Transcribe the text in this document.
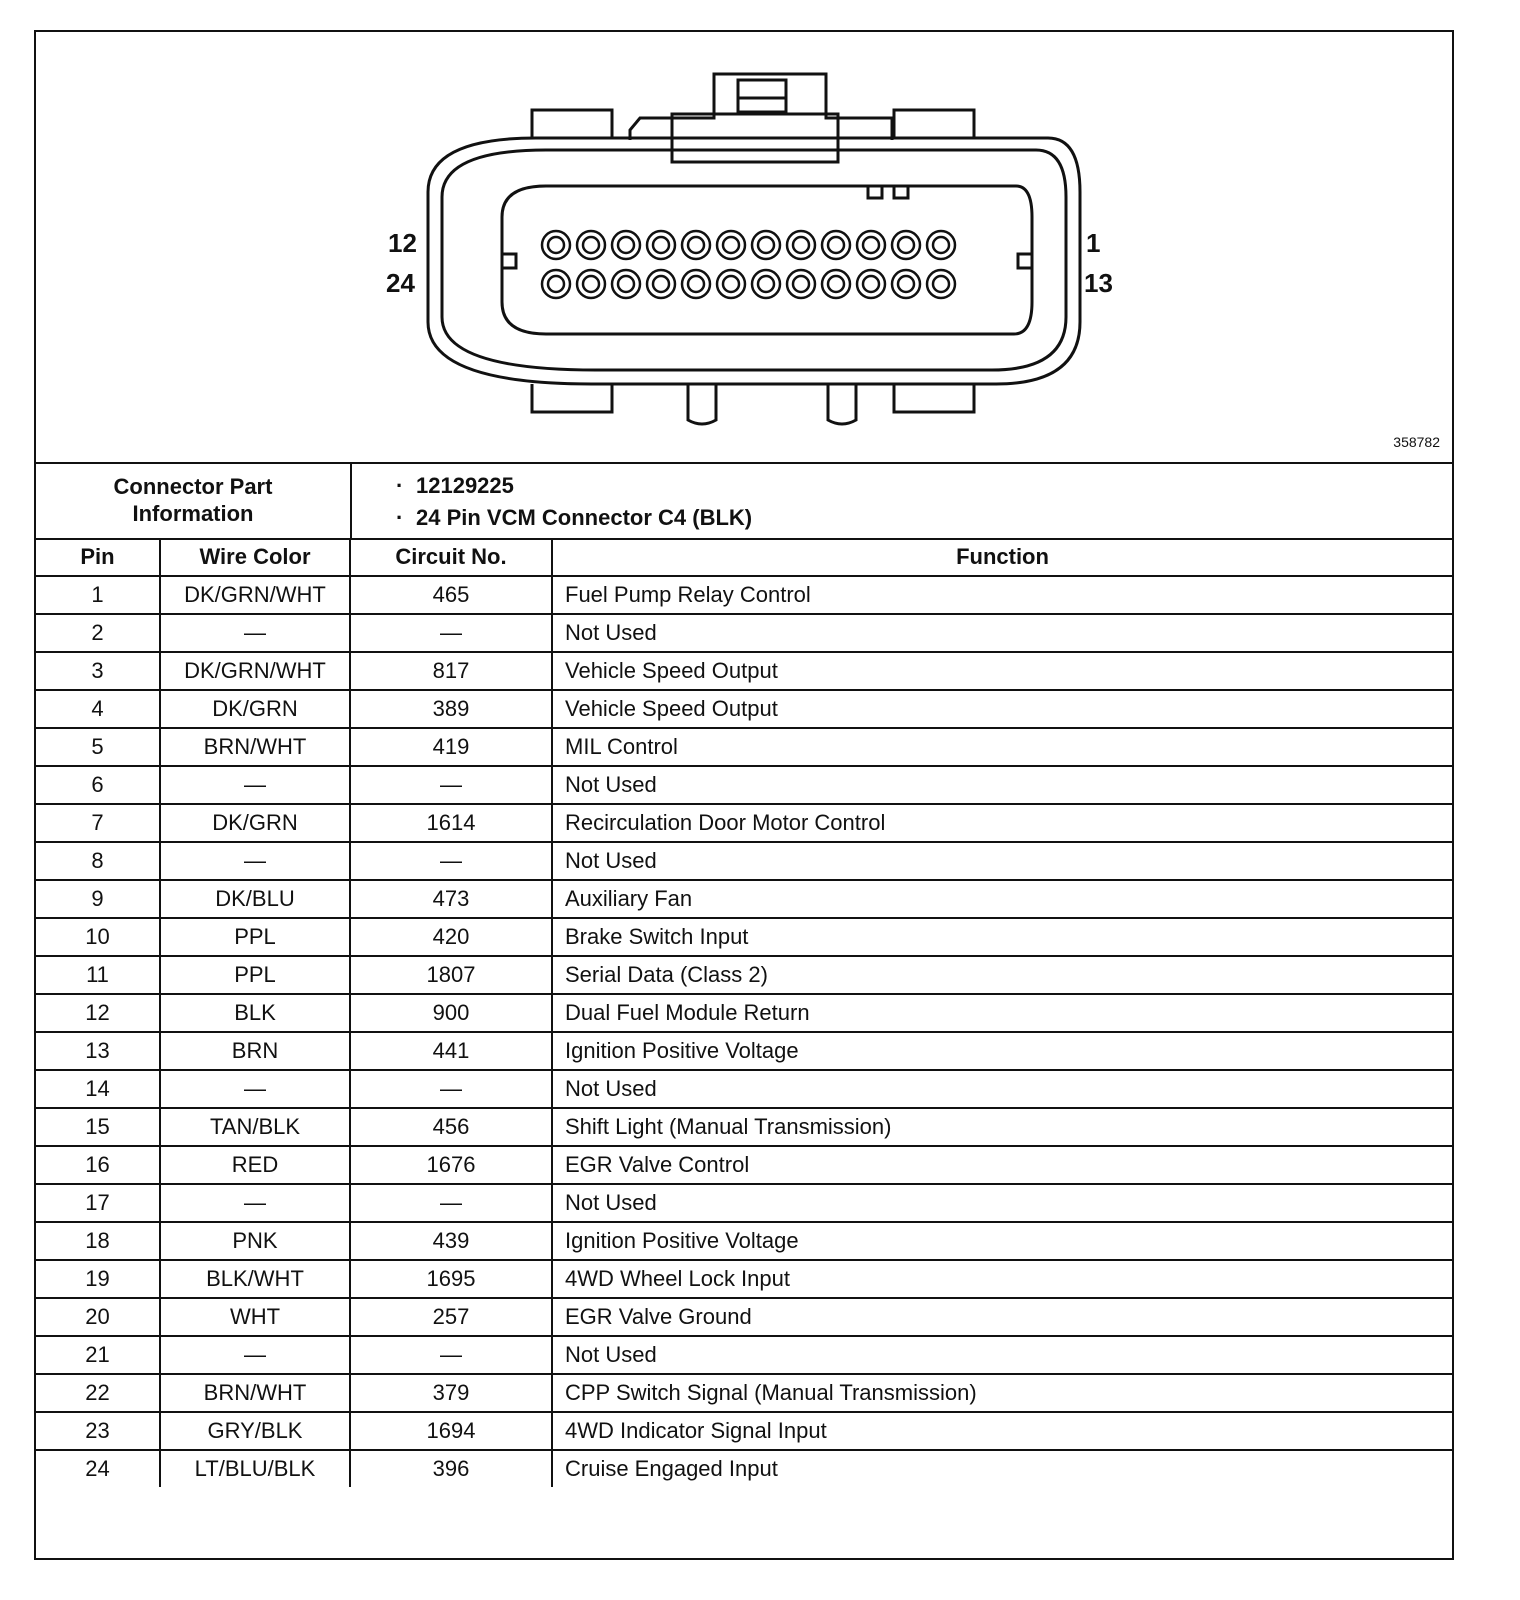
12
24
1
13
358782
Connector Part Information
· 12129225
· 24 Pin VCM Connector C4 (BLK)
Pin	Wire Color	Circuit No.	Function
1	DK/GRN/WHT	465	Fuel Pump Relay Control
2	—	—	Not Used
3	DK/GRN/WHT	817	Vehicle Speed Output
4	DK/GRN	389	Vehicle Speed Output
5	BRN/WHT	419	MIL Control
6	—	—	Not Used
7	DK/GRN	1614	Recirculation Door Motor Control
8	—	—	Not Used
9	DK/BLU	473	Auxiliary Fan
10	PPL	420	Brake Switch Input
11	PPL	1807	Serial Data (Class 2)
12	BLK	900	Dual Fuel Module Return
13	BRN	441	Ignition Positive Voltage
14	—	—	Not Used
15	TAN/BLK	456	Shift Light (Manual Transmission)
16	RED	1676	EGR Valve Control
17	—	—	Not Used
18	PNK	439	Ignition Positive Voltage
19	BLK/WHT	1695	4WD Wheel Lock Input
20	WHT	257	EGR Valve Ground
21	—	—	Not Used
22	BRN/WHT	379	CPP Switch Signal (Manual Transmission)
23	GRY/BLK	1694	4WD Indicator Signal Input
24	LT/BLU/BLK	396	Cruise Engaged Input
